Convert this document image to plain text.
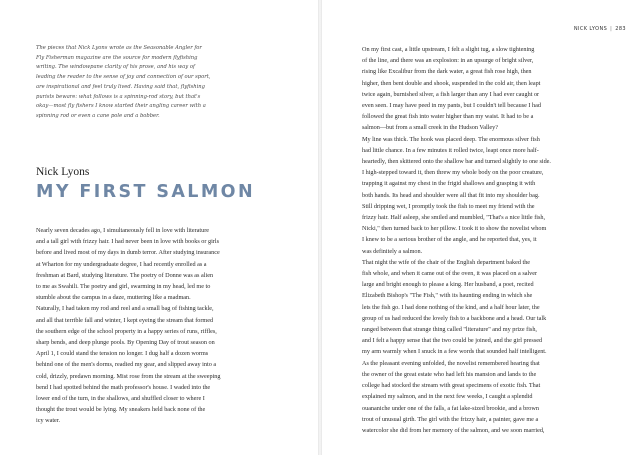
The pieces that Nick Lyons wrote as the Seasonable Angler for

Fly Fisherman magazine are the source for modern flyfishing

writing. The windowpane clarity of his prose, and his way of

leading the reader to the sense of joy and connection of our sport,

are inspirational and feel truly lived. Having said that, flyfishing

purists beware: what follows is a spinning-rod story, but that's

okay—most fly fishers I know started their angling career with a

spinning rod or even a cane pole and a bobber.

Nick Lyons
MY FIRST SALMON

Nearly seven decades ago, I simultaneously fell in love with literature

and a tall girl with frizzy hair. I had never been in love with books or girls

before and lived most of my days in dumb terror. After studying insurance

at Wharton for my undergraduate degree, I had recently enrolled as a

freshman at Bard, studying literature. The poetry of Donne was as alien

to me as Swahili. The poetry and girl, swarming in my head, led me to

stumble about the campus in a daze, muttering like a madman.

Naturally, I had taken my rod and reel and a small bag of fishing tackle,

and all that terrible fall and winter, I kept eyeing the stream that formed

the southern edge of the school property in a happy series of runs, riffles,

sharp bends, and deep plunge pools. By Opening Day of trout season on

April 1, I could stand the tension no longer. I dug half a dozen worms

behind one of the men's dorms, readied my gear, and slipped away into a

cold, drizzly, predawn morning. Mist rose from the stream at the sweeping

bend I had spotted behind the math professor's house. I waded into the

lower end of the turn, in the shallows, and shuffled closer to where I

thought the trout would be lying. My sneakers held back none of the

icy water.

NICK LYONS | 283

On my first cast, a little upstream, I felt a slight tug, a slow tightening

of the line, and there was an explosion: in an upsurge of bright silver,

rising like Excalibur from the dark water, a great fish rose high, then

higher, then bent double and shook, suspended in the cold air, then leapt

twice again, burnished silver, a fish larger than any I had ever caught or

even seen. I may have peed in my pants, but I couldn't tell because I had

followed the great fish into water higher than my waist. It had to be a

salmon—but from a small creek in the Hudson Valley?

My line was thick. The hook was placed deep. The enormous silver fish

had little chance. In a few minutes it rolled twice, leapt once more half-

heartedly, then skittered onto the shallow bar and turned slightly to one side.

I high-stepped toward it, then threw my whole body on the poor creature,

trapping it against my chest in the frigid shallows and grasping it with

both hands. Its head and shoulder were all that fit into my shoulder bag.

Still dripping wet, I promptly took the fish to meet my friend with the

frizzy hair. Half asleep, she smiled and mumbled, "That's a nice little fish,

Nicki," then turned back to her pillow. I took it to show the novelist whom

I knew to be a serious brother of the angle, and he reported that, yes, it

was definitely a salmon.

That night the wife of the chair of the English department baked the

fish whole, and when it came out of the oven, it was placed on a salver

large and bright enough to please a king. Her husband, a poet, recited

Elizabeth Bishop's "The Fish," with its haunting ending in which she

lets the fish go. I had done nothing of the kind, and a half hour later, the

group of us had reduced the lovely fish to a backbone and a head. Our talk

ranged between that strange thing called "literature" and my prize fish,

and I felt a happy sense that the two could be joined, and the girl pressed

my arm warmly when I snuck in a few words that sounded half intelligent.

As the pleasant evening unfolded, the novelist remembered hearing that

the owner of the great estate who had left his mansion and lands to the

college had stocked the stream with great specimens of exotic fish. That

explained my salmon, and in the next few weeks, I caught a splendid

ouananiche under one of the falls, a fat lake-sized brookie, and a brown

trout of unusual girth. The girl with the frizzy hair, a painter, gave me a

watercolor she did from her memory of the salmon, and we soon married,
